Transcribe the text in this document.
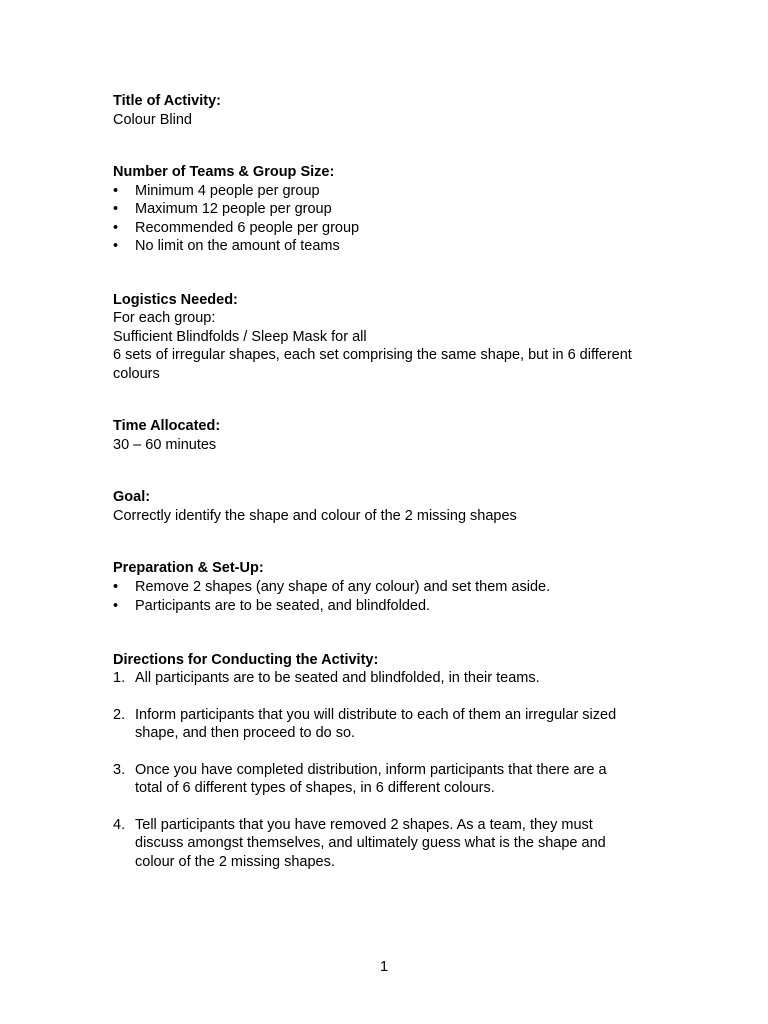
Title of Activity:
Colour Blind
Number of Teams & Group Size:
• Minimum 4 people per group
• Maximum 12 people per group
• Recommended 6 people per group
• No limit on the amount of teams
Logistics Needed:
For each group:
Sufficient Blindfolds / Sleep Mask for all
6 sets of irregular shapes, each set comprising the same shape, but in 6 different colours
Time Allocated:
30 – 60 minutes
Goal:
Correctly identify the shape and colour of the 2 missing shapes
Preparation & Set-Up:
• Remove 2 shapes (any shape of any colour) and set them aside.
• Participants are to be seated, and blindfolded.
Directions for Conducting the Activity:
1. All participants are to be seated and blindfolded, in their teams.
2. Inform participants that you will distribute to each of them an irregular sized shape, and then proceed to do so.
3. Once you have completed distribution, inform participants that there are a total of 6 different types of shapes, in 6 different colours.
4. Tell participants that you have removed 2 shapes. As a team, they must discuss amongst themselves, and ultimately guess what is the shape and colour of the 2 missing shapes.
1
